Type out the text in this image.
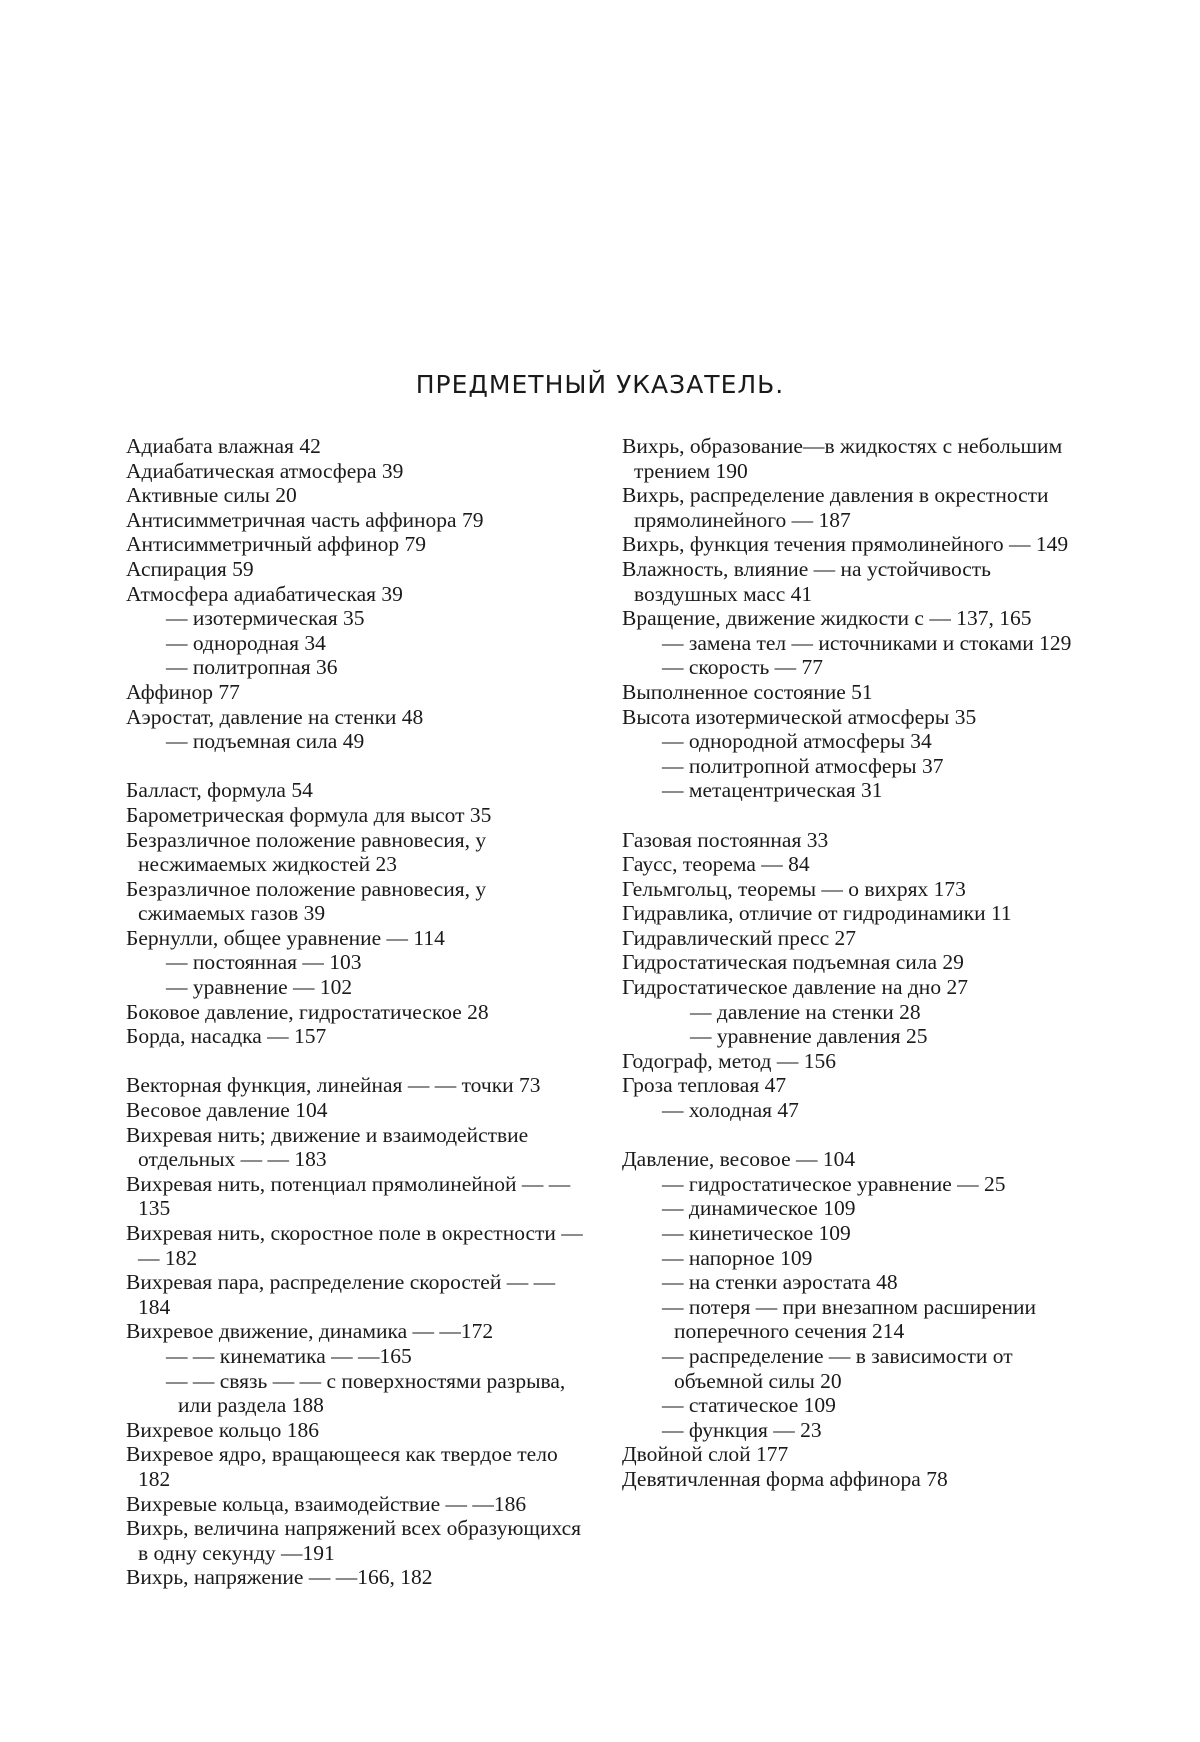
ПРЕДМЕТНЫЙ УКАЗАТЕЛЬ.
Адиабата влажная 42
Адиабатическая атмосфера 39
Активные силы 20
Антисимметричная часть аффинора 79
Антисимметричный аффинор 79
Аспирация 59
Атмосфера адиабатическая 39
— изотермическая 35
— однородная 34
— политропная 36
Аффинор 77
Аэростат, давление на стенки 48
— подъемная сила 49
Балласт, формула 54
Барометрическая формула для высот 35
Безразличное положение равновесия, у несжимаемых жидкостей 23
Безразличное положение равновесия, у сжимаемых газов 39
Бернулли, общее уравнение — 114
— постоянная — 103
— уравнение — 102
Боковое давление, гидростатическое 28
Борда, насадка — 157
Векторная функция, линейная — — точки 73
Весовое давление 104
Вихревая нить; движение и взаимодействие отдельных — — 183
Вихревая нить, потенциал прямолинейной — — 135
Вихревая нить, скоростное поле в окрестности — — 182
Вихревая пара, распределение скоростей — — 184
Вихревое движение, динамика — —172
— — кинематика — —165
— — связь — — с поверхностями разрыва, или раздела 188
Вихревое кольцо 186
Вихревое ядро, вращающееся как твердое тело 182
Вихревые кольца, взаимодействие — —186
Вихрь, величина напряжений всех образующихся в одну секунду —191
Вихрь, напряжение — —166, 182
Вихрь, образование—в жидкостях с небольшим трением 190
Вихрь, распределение давления в окрестности прямолинейного — 187
Вихрь, функция течения прямолинейного — 149
Влажность, влияние — на устойчивость воздушных масс 41
Вращение, движение жидкости с — 137, 165
— замена тел — источниками и стоками 129
— скорость — 77
Выполненное состояние 51
Высота изотермической атмосферы 35
— однородной атмосферы 34
— политропной атмосферы 37
— метацентрическая 31
Газовая постоянная 33
Гаусс, теорема — 84
Гельмгольц, теоремы — о вихрях 173
Гидравлика, отличие от гидродинамики 11
Гидравлический пресс 27
Гидростатическая подъемная сила 29
Гидростатическое давление на дно 27
— давление на стенки 28
— уравнение давления 25
Годограф, метод — 156
Гроза тепловая 47
— холодная 47
Давление, весовое — 104
— гидростатическое уравнение — 25
— динамическое 109
— кинетическое 109
— напорное 109
— на стенки аэростата 48
— потеря — при внезапном расширении поперечного сечения 214
— распределение — в зависимости от объемной силы 20
— статическое 109
— функция — 23
Двойной слой 177
Девятичленная форма аффинора 78
